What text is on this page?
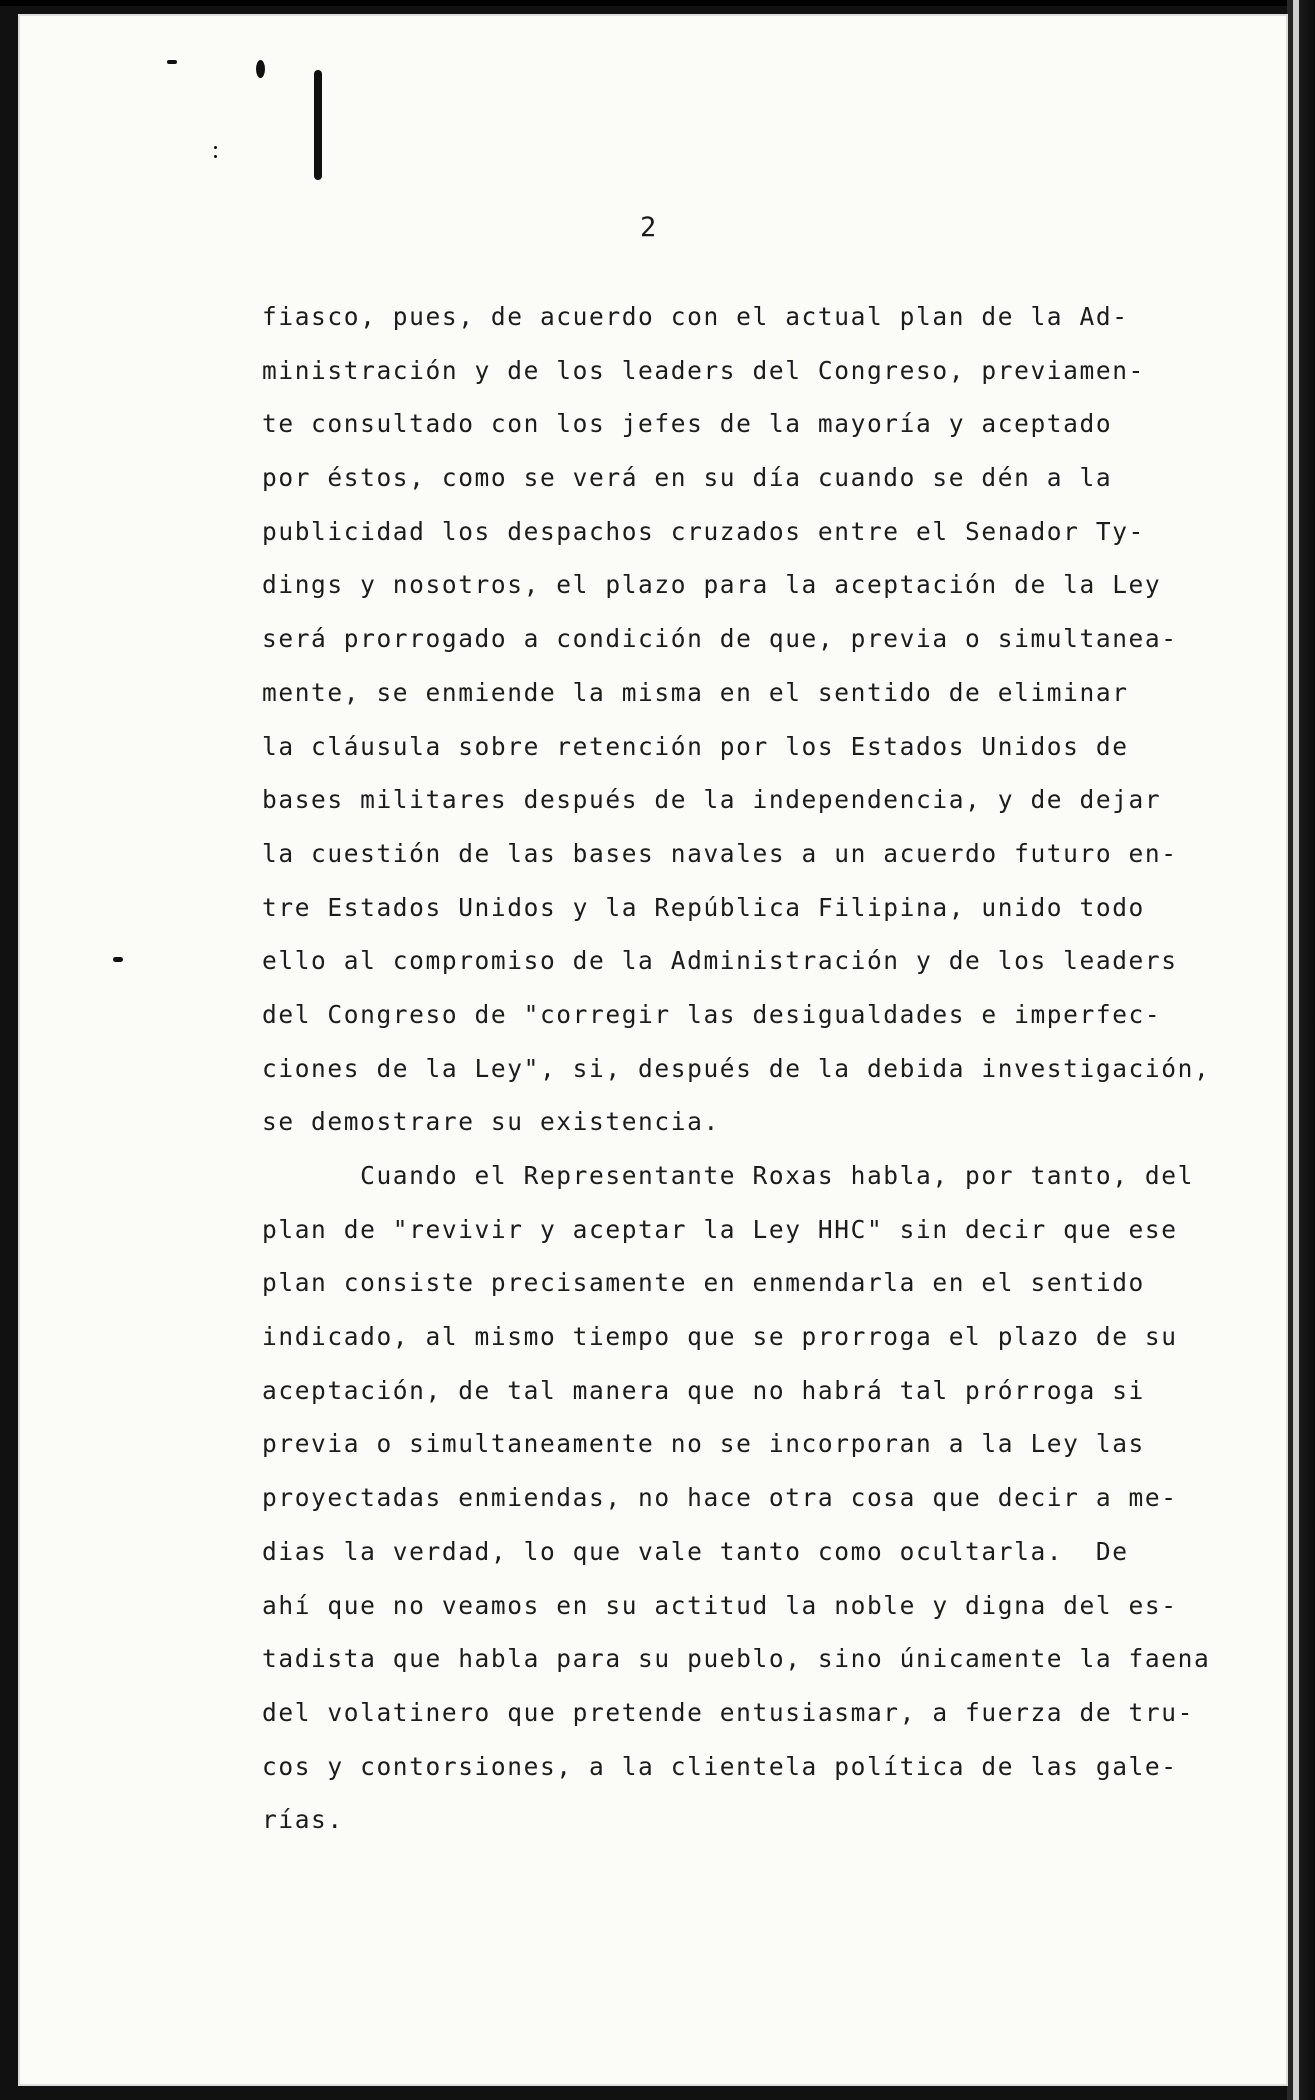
2
fiasco, pues, de acuerdo con el actual plan de la Ad-
ministración y de los leaders del Congreso, previamen-
te consultado con los jefes de la mayoría y aceptado
por éstos, como se verá en su día cuando se dén a la
publicidad los despachos cruzados entre el Senador Ty-
dings y nosotros, el plazo para la aceptación de la Ley
será prorrogado a condición de que, previa o simultanea-
mente, se enmiende la misma en el sentido de eliminar
la cláusula sobre retención por los Estados Unidos de
bases militares después de la independencia, y de dejar
la cuestión de las bases navales a un acuerdo futuro en-
tre Estados Unidos y la República Filipina, unido todo
ello al compromiso de la Administración y de los leaders
del Congreso de "corregir las desigualdades e imperfec-
ciones de la Ley", si, después de la debida investigación,
se demostrare su existencia.
Cuando el Representante Roxas habla, por tanto, del
plan de "revivir y aceptar la Ley HHC" sin decir que ese
plan consiste precisamente en enmendarla en el sentido
indicado, al mismo tiempo que se prorroga el plazo de su
aceptación, de tal manera que no habrá tal prórroga si
previa o simultaneamente no se incorporan a la Ley las
proyectadas enmiendas, no hace otra cosa que decir a me-
dias la verdad, lo que vale tanto como ocultarla.  De
ahí que no veamos en su actitud la noble y digna del es-
tadista que habla para su pueblo, sino únicamente la faena
del volatinero que pretende entusiasmar, a fuerza de tru-
cos y contorsiones, a la clientela política de las gale-
rías.
